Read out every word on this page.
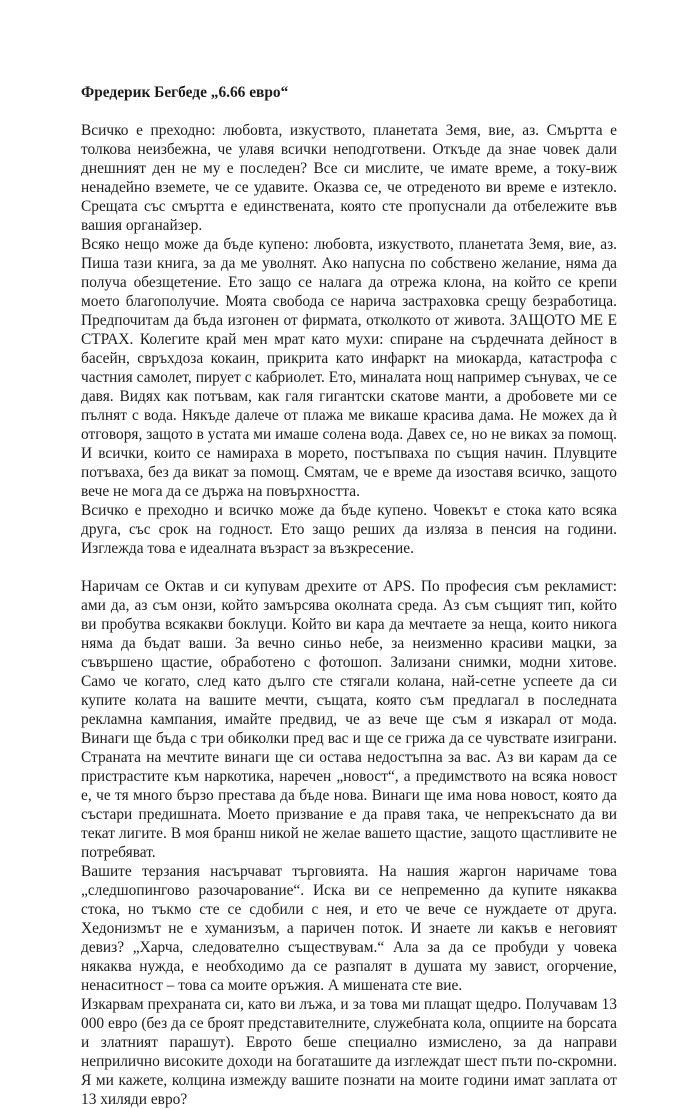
Фредерик Бегбеде „6.66 евро“

Всичко е преходно: любовта, изкуството, планетата Земя, вие, аз. Смъртта е толкова неизбежна, че улавя всички неподготвени. Откъде да знае човек дали днешният ден не му е последен? Все си мислите, че имате време, а току-виж ненадейно вземете, че се удавите. Оказва се, че отреденото ви време е изтекло. Срещата със смъртта е единствената, която сте пропуснали да отбележите във вашия органайзер.

Всяко нещо може да бъде купено: любовта, изкуството, планетата Земя, вие, аз. Пиша тази книга, за да ме уволнят. Ако напусна по собствено желание, няма да получа обезщетение. Ето защо се налага да отрежа клона, на който се крепи моето благополучие. Моята свобода се нарича застраховка срещу безработица. Предпочитам да бъда изгонен от фирмата, отколкото от живота. ЗАЩОТО МЕ Е СТРАХ. Колегите край мен мрат като мухи: спиране на сърдечната дейност в басейн, свръхдоза кокаин, прикрита като инфаркт на миокарда, катастрофа с частния самолет, пирует с кабриолет. Ето, миналата нощ например сънувах, че се давя. Видях как потъвам, как галя гигантски скатове манти, а дробовете ми се пълнят с вода. Някъде далече от плажа ме викаше красива дама. Не можех да ѝ отговоря, защото в устата ми имаше солена вода. Давех се, но не виках за помощ. И всички, които се намираха в морето, постъпваха по същия начин. Плувците потъваха, без да викат за помощ. Смятам, че е време да изоставя всичко, защото вече не мога да се държа на повърхността.

Всичко е преходно и всичко може да бъде купено. Човекът е стока като всяка друга, със срок на годност. Ето защо реших да изляза в пенсия на години. Изглежда това е идеалната възраст за възкресение.

Наричам се Октав и си купувам дрехите от APS. По професия съм рекламист: ами да, аз съм онзи, който замърсява околната среда. Аз съм същият тип, който ви пробутва всякакви боклуци. Който ви кара да мечтаете за неща, които никога няма да бъдат ваши. За вечно синьо небе, за неизменно красиви мацки, за съвършено щастие, обработено с фотошоп. Зализани снимки, модни хитове. Само че когато, след като дълго сте стягали колана, най-сетне успеете да си купите колата на вашите мечти, същата, която съм предлагал в последната рекламна кампания, имайте предвид, че аз вече ще съм я изкарал от мода. Винаги ще бъда с три обиколки пред вас и ще се грижа да се чувствате изиграни. Страната на мечтите винаги ще си остава недостъпна за вас. Аз ви карам да се пристрастите към наркотика, наречен „новост“, а предимството на всяка новост е, че тя много бързо престава да бъде нова. Винаги ще има нова новост, която да състари предишната. Моето призвание е да правя така, че непрекъснато да ви текат лигите. В моя бранш никой не желае вашето щастие, защото щастливите не потребяват.

Вашите терзания насърчават търговията. На нашия жаргон наричаме това „следшопингово разочарование“. Искa ви се непременно да купите някаква стока, но тъкмо сте се сдобили с нея, и ето че вече се нуждаете от друга. Хедонизмът не е хуманизъм, а паричен поток. И знаете ли какъв е неговият девиз? „Харча, следователно съществувам.“ Ала за да се пробуди у човека някаква нужда, е необходимо да се разпалят в душата му завист, огорчение, ненаситност – това са моите оръжия. А мишената сте вие.

Изкарвам прехраната си, като ви лъжа, и за това ми плащат щедро. Получавам 13 000 евро (без да се броят представителните, служебната кола, опциите на борсата и златният парашут). Еврото беше специално измислено, за да направи неприлично високите доходи на богаташите да изглеждат шест пъти по-скромни. Я ми кажете, колцина измежду вашите познати на моите години имат заплата от 13 хиляди евро?
